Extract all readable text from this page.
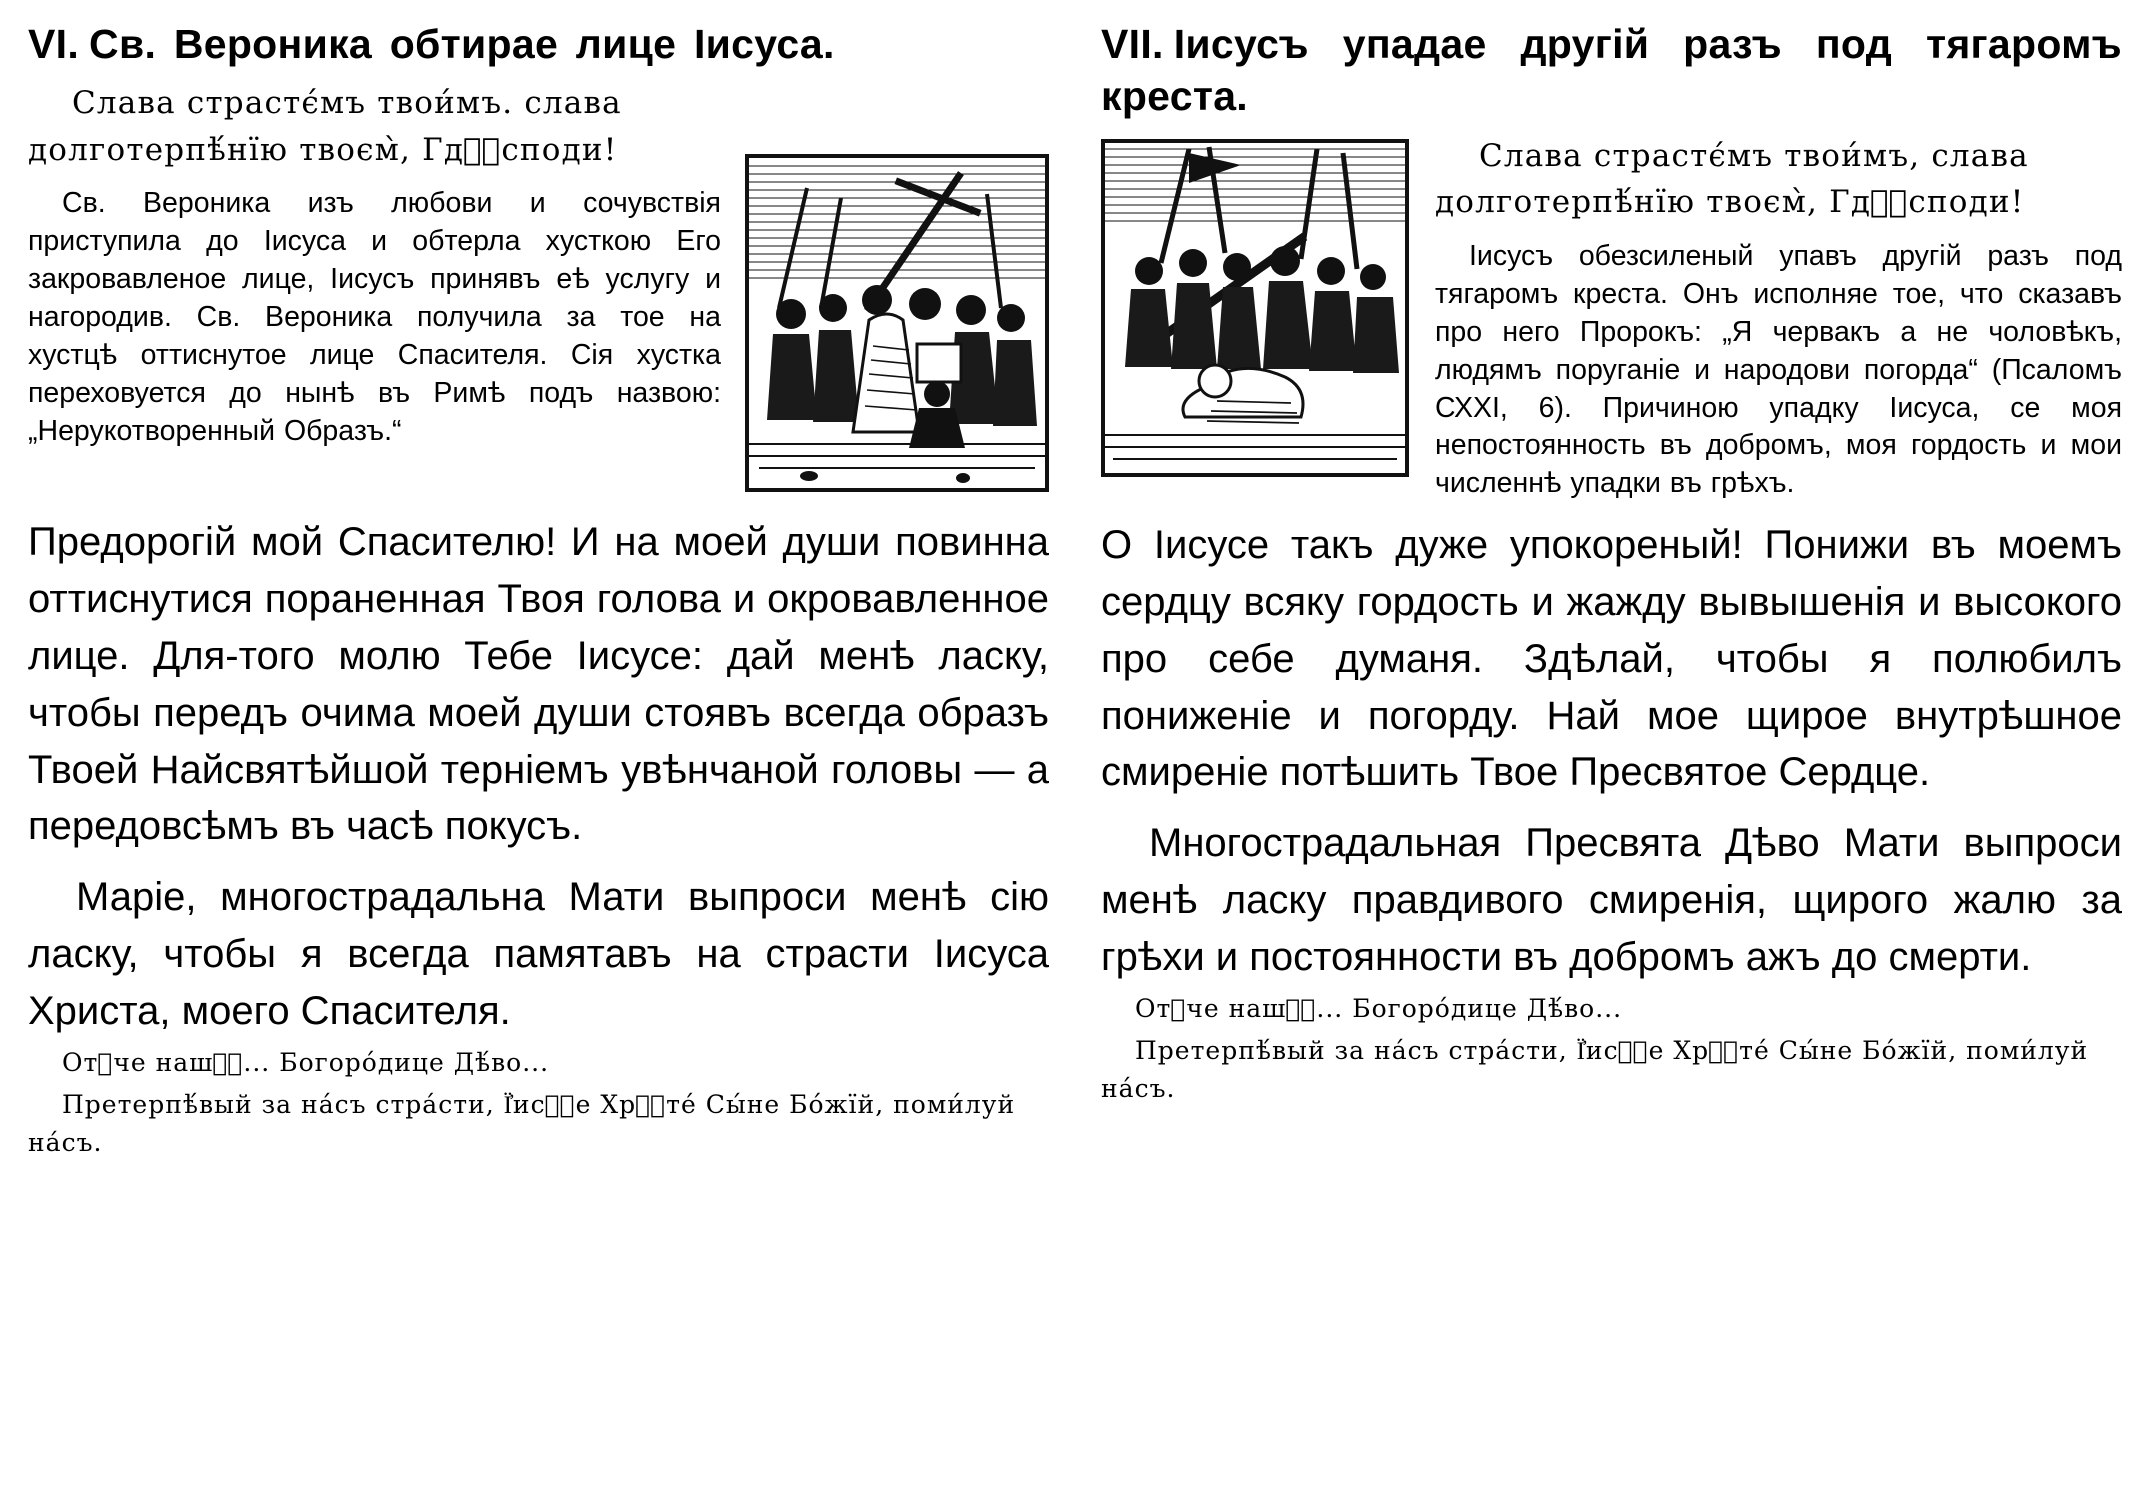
VI. Св. Вероника обтирае лице Іисуса.

Слава страстє́мъ твои́мъ. слава
долготерпѣ́нїю твоєм̀, Гдⷭ҇споди!

Св. Вероника изъ любови и сочувствія приступила до Іисуса и обтерла хусткою Его закровавленое лице, Іисусъ принявъ еѣ услугу и нагородив. Св. Вероника получила за тое на хустцѣ оттиснутое лице Спасителя. Сія хустка переховуется до нынѣ въ Римѣ подъ назвою: „Нерукотворенный Образъ.“

Предорогій мой Спасителю! И на моей души повинна оттиснутися пораненная Твоя голова и окровавленное лице. Для-того молю Тебе Іисусе: дай менѣ ласку, чтобы передъ очима моей души стоявъ всегда образъ Твоей Найсвятѣйшой терніемъ увѣнчаной головы — а передовсѣмъ въ часѣ покусъ.

Маріе, многострадальна Мати выпроси менѣ сію ласку, чтобы я всегда памятавъ на страсти Іисуса Христа, моего Спасителя.

Отⷮче нашⷬ҇... Богоро́дице Дѣ́во...

Претерпѣ́вый за на́съ стра́сти, Ї҆исⷭ҇е Хрⷭ҇те́ Сы́не Бо́жїй, поми́луй на́съ.

VII. Іисусъ упадае другій разъ под тягаромъ креста.

Слава страстє́мъ твои́мъ, слава
долготерпѣ́нїю твоєм̀, Гдⷭ҇споди!

Іисусъ обезсиленый упавъ другій разъ под тягаромъ креста. Онъ исполняе тое, что сказавъ про него Пророкъ: „Я червакъ а не чоловѣкъ, людямъ поруганіе и народови погорда“ (Псаломъ СХХІ, 6). Причиною упадку Іисуса, се моя непостоянность въ добромъ, моя гордость и мои численнѣ упадки въ грѣхъ.

О Іисусе такъ дуже упокореный! Понижи въ моемъ сердцу всяку гордость и жажду вывышенія и высокого про себе думаня. Здѣлай, чтобы я полюбилъ пониженіе и погорду. Най мое щирое внутрѣшное смиреніе потѣшить Твое Пресвятое Сердце.

Многострадальная Пресвята Дѣво Мати выпроси менѣ ласку правдивого смиренія, щирого жалю за грѣхи и постоянности въ добромъ ажъ до смерти.

Отⷮче нашⷬ҇... Богоро́дице Дѣ́во...

Претерпѣ́вый за на́съ стра́сти, Ї҆исⷭ҇е Хрⷭ҇те́ Сы́не Бо́жїй, поми́луй на́съ.
